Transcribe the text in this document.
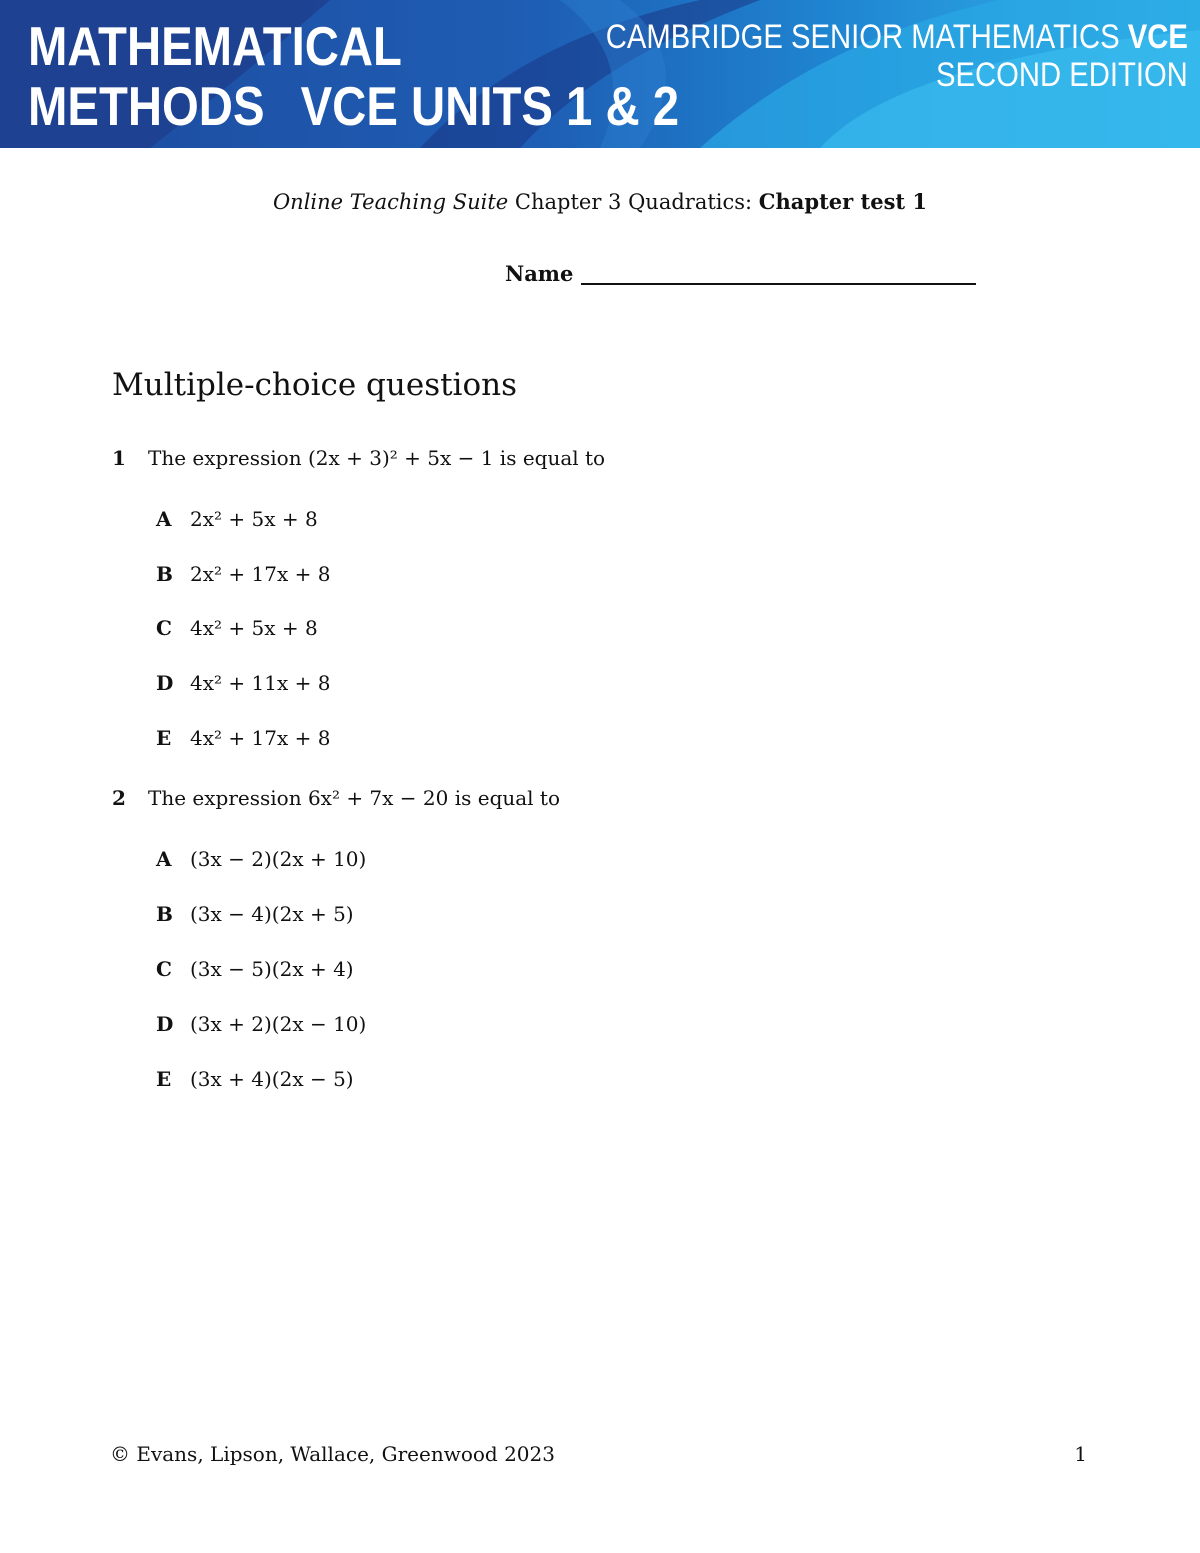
MATHEMATICAL
METHODS VCE UNITS 1 & 2
CAMBRIDGE SENIOR MATHEMATICS VCE
SECOND EDITION
Online Teaching Suite Chapter 3 Quadratics: Chapter test 1
Name
Multiple-choice questions
1 The expression (2x + 3)² + 5x − 1 is equal to
A 2x² + 5x + 8
B 2x² + 17x + 8
C 4x² + 5x + 8
D 4x² + 11x + 8
E 4x² + 17x + 8
2 The expression 6x² + 7x − 20 is equal to
A (3x − 2)(2x + 10)
B (3x − 4)(2x + 5)
C (3x − 5)(2x + 4)
D (3x + 2)(2x − 10)
E (3x + 4)(2x − 5)
© Evans, Lipson, Wallace, Greenwood 2023	1
